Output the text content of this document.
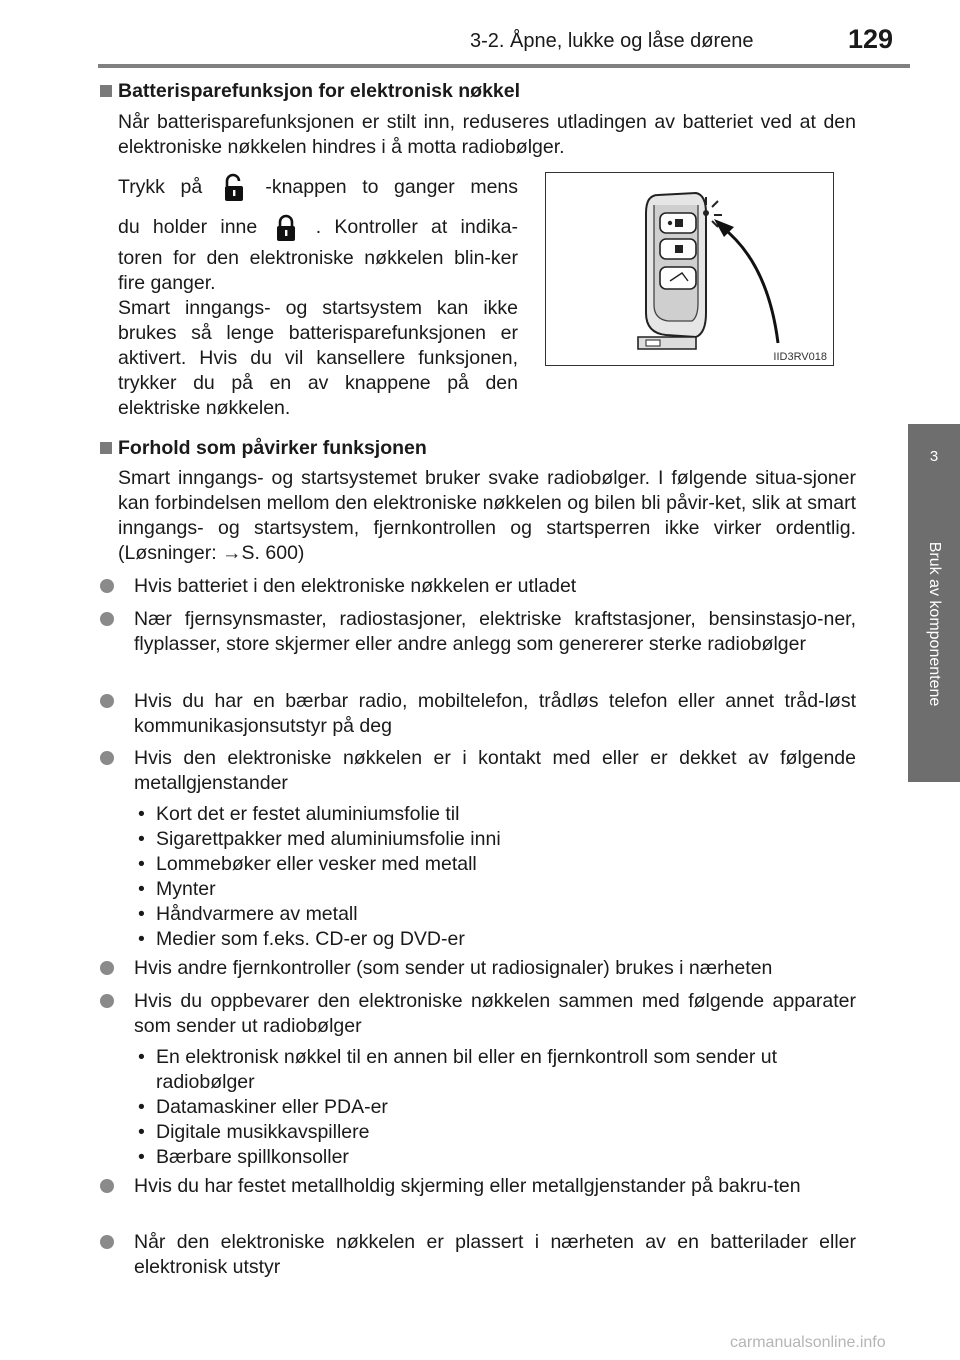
3-2. Åpne, lukke og låse dørene	129
3
Bruk av komponentene
Batterisparefunksjon for elektronisk nøkkel
Når batterisparefunksjonen er stilt inn, reduseres utladingen av batteriet ved at den elektroniske nøkkelen hindres i å motta radiobølger.
Trykk på	-knappen to ganger mens
du holder inne	. Kontroller at indika-

toren for den elektroniske nøkkelen blin-ker fire ganger.

Smart inngangs- og startsystem kan ikke brukes så lenge batterisparefunksjonen er aktivert. Hvis du vil kansellere funksjonen, trykker du på en av knappene på den elektriske nøkkelen.

IID3RV018
Forhold som påvirker funksjonen
Smart inngangs- og startsystemet bruker svake radiobølger. I følgende situa-sjoner kan forbindelsen mellom den elektroniske nøkkelen og bilen bli påvir-ket, slik at smart inngangs- og startsystem, fjernkontrollen og startsperren ikke virker ordentlig. (Løsninger: →S. 600)
Hvis batteriet i den elektroniske nøkkelen er utladet
Nær fjernsynsmaster, radiostasjoner, elektriske kraftstasjoner, bensinstasjo-ner, flyplasser, store skjermer eller andre anlegg som genererer sterke radiobølger
Hvis du har en bærbar radio, mobiltelefon, trådløs telefon eller annet tråd-løst kommunikasjonsutstyr på deg
Hvis den elektroniske nøkkelen er i kontakt med eller er dekket av følgende metallgjenstander
• Kort det er festet aluminiumsfolie til
• Sigarettpakker med aluminiumsfolie inni
• Lommebøker eller vesker med metall
• Mynter
• Håndvarmere av metall
• Medier som f.eks. CD-er og DVD-er
Hvis andre fjernkontroller (som sender ut radiosignaler) brukes i nærheten
Hvis du oppbevarer den elektroniske nøkkelen sammen med følgende apparater som sender ut radiobølger
• En elektronisk nøkkel til en annen bil eller en fjernkontroll som sender ut radiobølger
• Datamaskiner eller PDA-er
• Digitale musikkavspillere
• Bærbare spillkonsoller
Hvis du har festet metallholdig skjerming eller metallgjenstander på bakru-ten
Når den elektroniske nøkkelen er plassert i nærheten av en batterilader eller elektronisk utstyr
carmanualsonline.info
